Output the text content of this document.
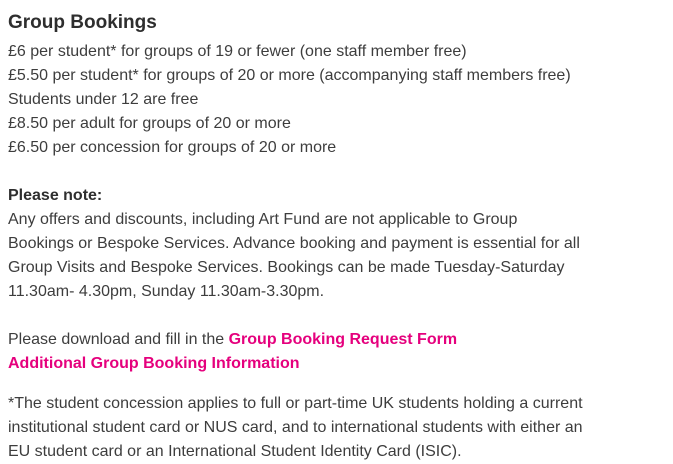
Group Bookings
£6 per student* for groups of 19 or fewer (one staff member free)
£5.50 per student* for groups of 20 or more (accompanying staff members free)
Students under 12 are free
£8.50 per adult for groups of 20 or more
£6.50 per concession for groups of 20 or more
Please note:
Any offers and discounts, including Art Fund are not applicable to Group
Bookings or Bespoke Services. Advance booking and payment is essential for all
Group Visits and Bespoke Services. Bookings can be made Tuesday-Saturday
11.30am- 4.30pm, Sunday 11.30am-3.30pm.
Please download and fill in the Group Booking Request Form
Additional Group Booking Information
*The student concession applies to full or part-time UK students holding a current
institutional student card or NUS card, and to international students with either an
EU student card or an International Student Identity Card (ISIC).
